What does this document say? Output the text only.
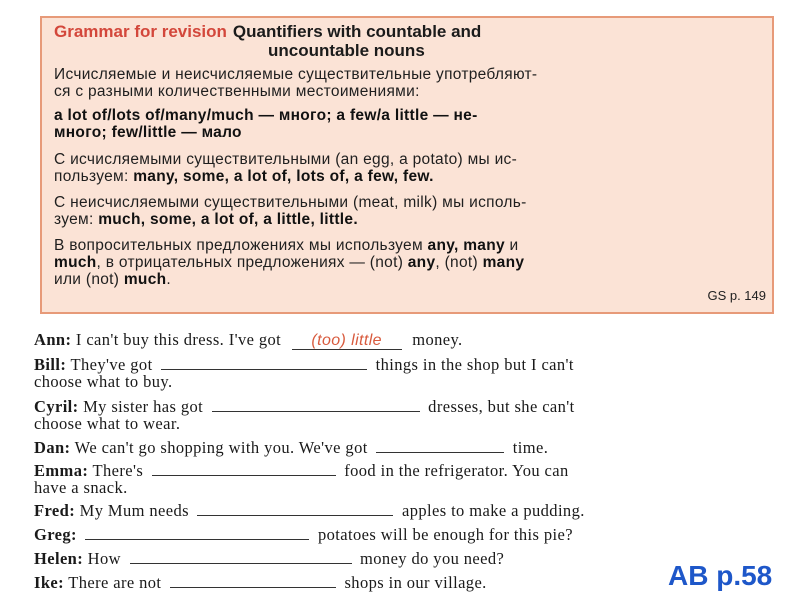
Grammar for revision Quantifiers with countable and
uncountable nouns
Исчисляемые и неисчисляемые существительные употребляют-
ся с разными количественными местоимениями:
a lot of/lots of/many/much — много; a few/a little — не-
много; few/little — мало
С исчисляемыми существительными (an egg, a potato) мы ис-
пользуем: many, some, a lot of, lots of, a few, few.
С неисчисляемыми существительными (meat, milk) мы исполь-
зуем: much, some, a lot of, a little, little.
В вопросительных предложениях мы используем any, many и
much, в отрицательных предложениях — (not) any, (not) many
или (not) much.
GS p. 149
Ann: I can't buy this dress. I've got (too) little money.
Bill: They've got	things in the shop but I can't
choose what to buy.
Cyril: My sister has got	dresses, but she can't
choose what to wear.
Dan: We can't go shopping with you. We've got	time.
Emma: There's	food in the refrigerator. You can
have a snack.
Fred: My Mum needs	apples to make a pudding.
Greg:	potatoes will be enough for this pie?
Helen: How	money do you need?
Ike: There are not	shops in our village.	AB p.58
